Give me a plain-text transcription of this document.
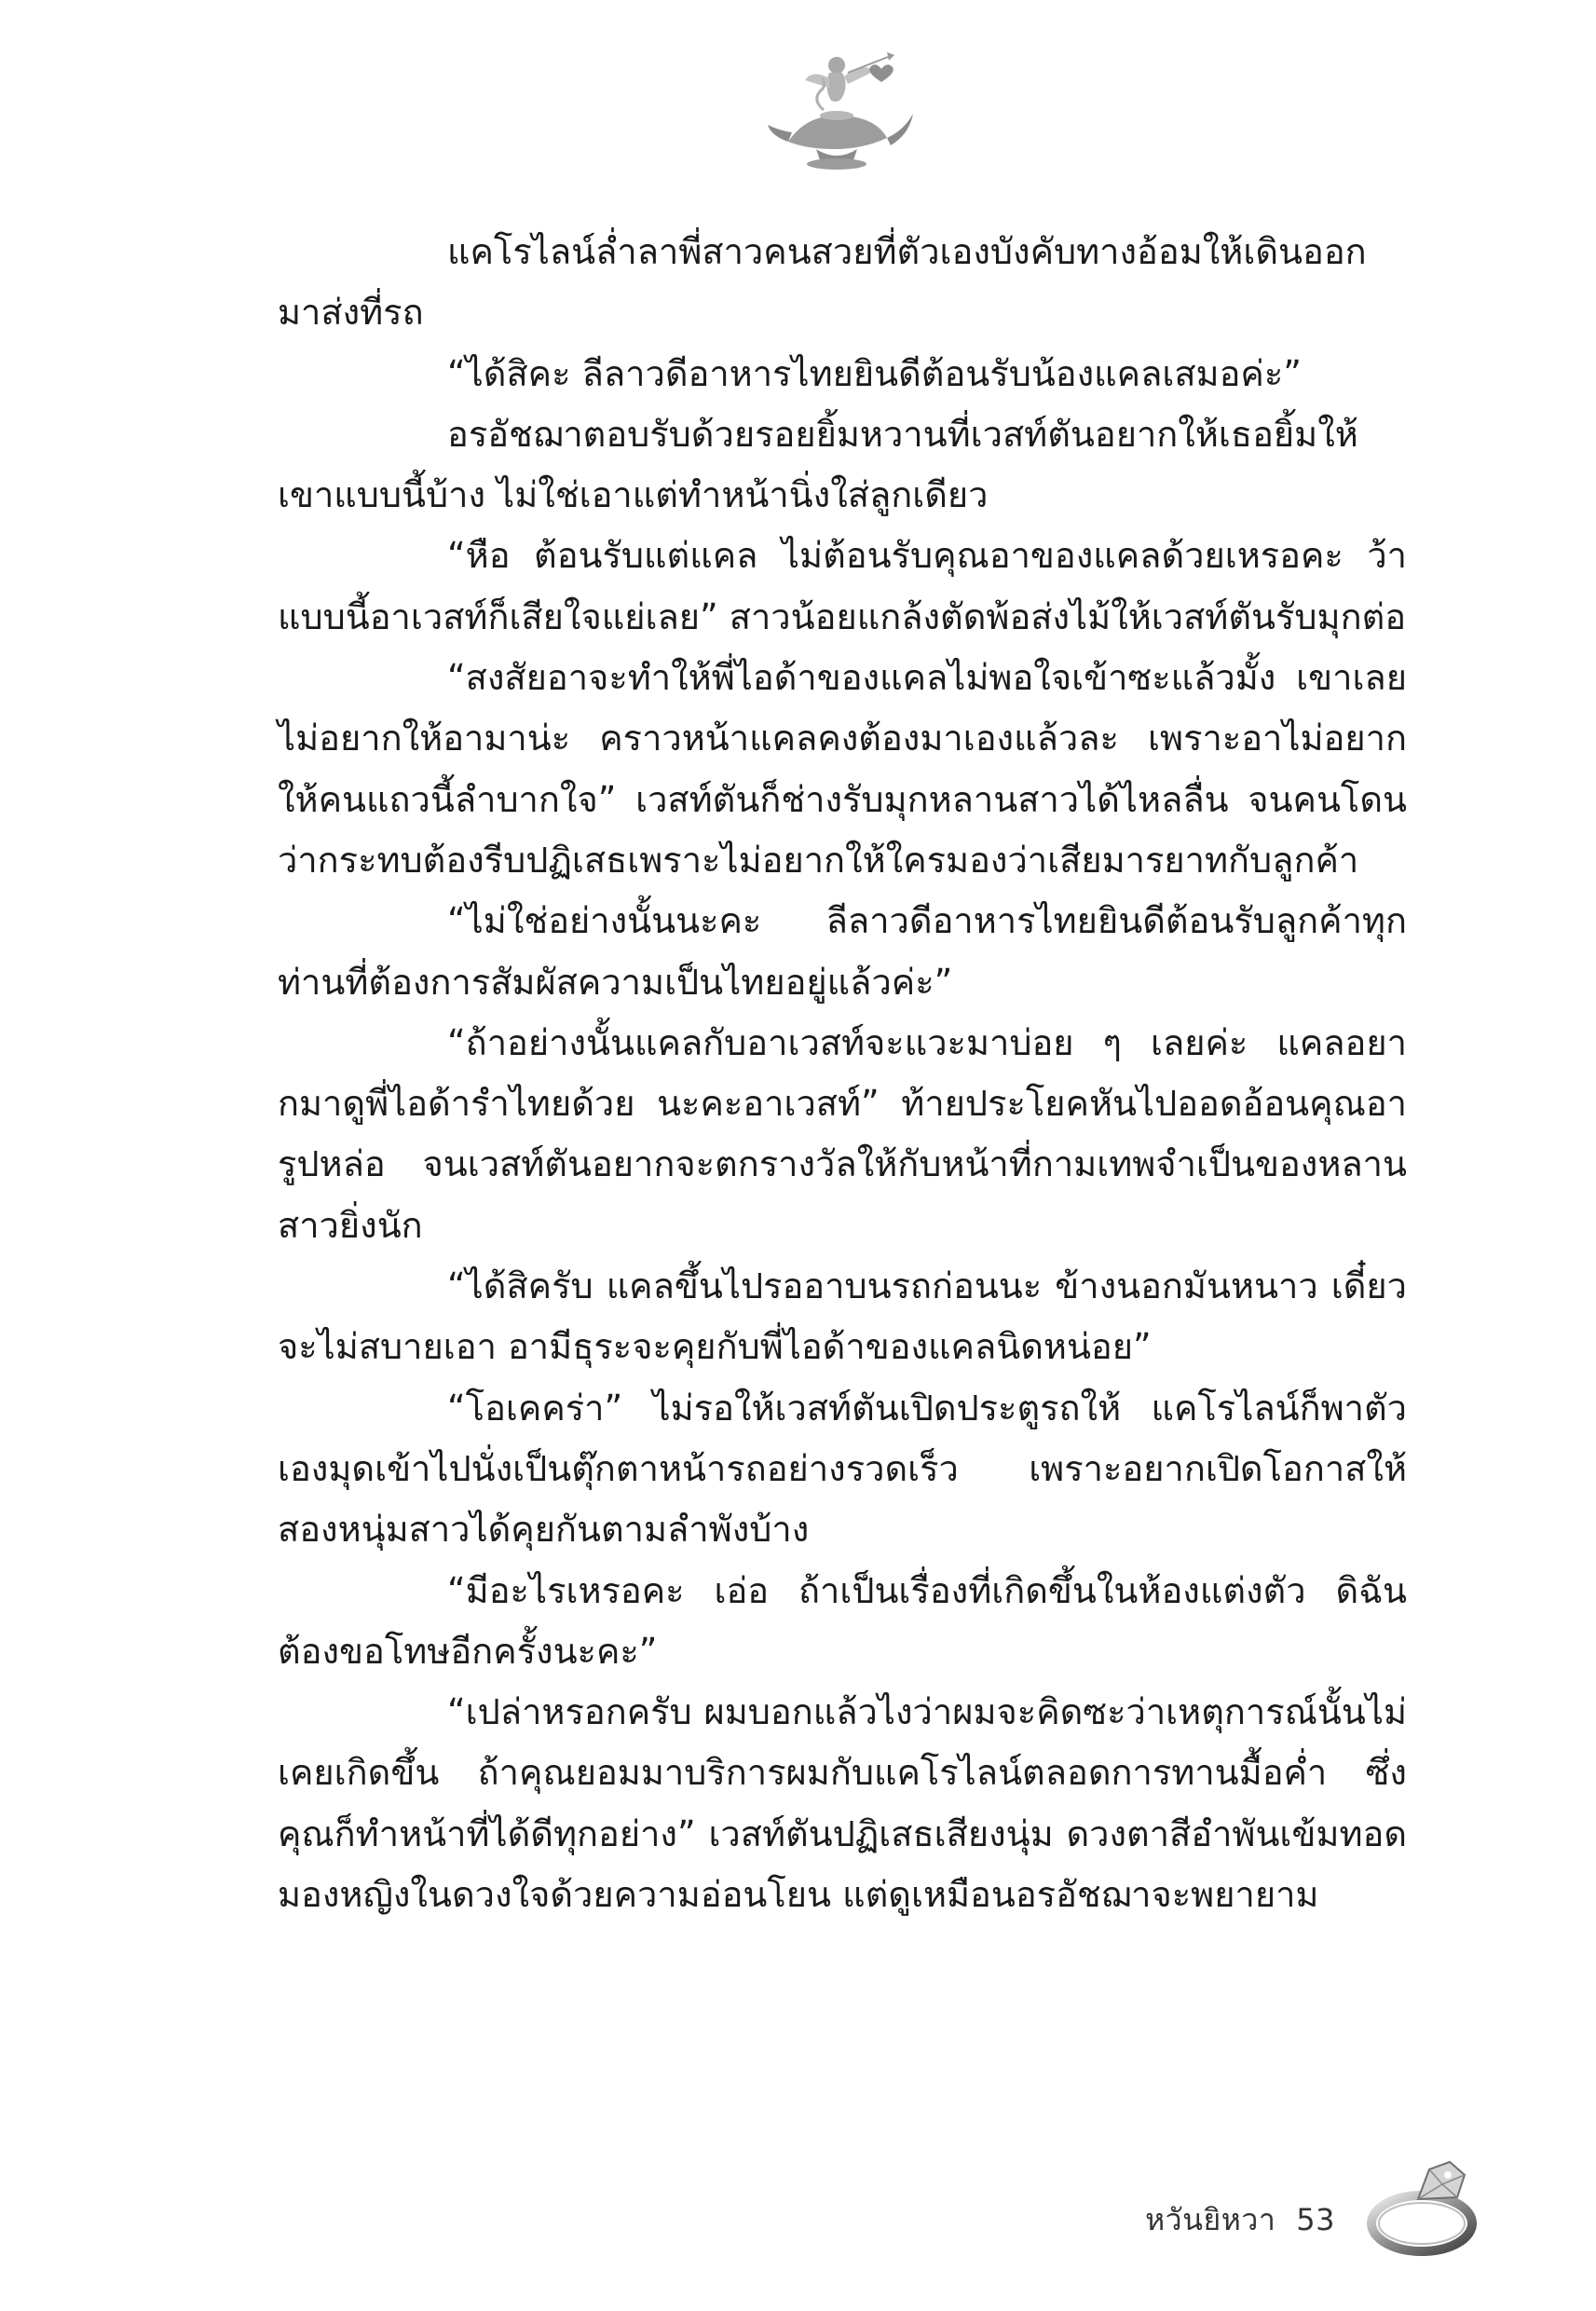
แคโรไลน์ล่ำลาพี่สาวคนสวยที่ตัวเองบังคับทางอ้อมให้เดินออกมาส่งที่รถ

“ได้สิคะ ลีลาวดีอาหารไทยยินดีต้อนรับน้องแคลเสมอค่ะ”

อรอัชฌาตอบรับด้วยรอยยิ้มหวานที่เวสท์ตันอยากให้เธอยิ้มให้เขาแบบนี้บ้าง ไม่ใช่เอาแต่ทำหน้านิ่งใส่ลูกเดียว

“หือ ต้อนรับแต่แคล ไม่ต้อนรับคุณอาของแคลด้วยเหรอคะ ว้าแบบนี้อาเวสท์ก็เสียใจแย่เลย” สาวน้อยแกล้งตัดพ้อส่งไม้ให้เวสท์ตันรับมุกต่อ

“สงสัยอาจะทำให้พี่ไอด้าของแคลไม่พอใจเข้าซะแล้วมั้ง เขาเลยไม่อยากให้อามาน่ะ คราวหน้าแคลคงต้องมาเองแล้วละ เพราะอาไม่อยากให้คนแถวนี้ลำบากใจ” เวสท์ตันก็ช่างรับมุกหลานสาวได้ไหลลื่น จนคนโดนว่ากระทบต้องรีบปฏิเสธเพราะไม่อยากให้ใครมองว่าเสียมารยาทกับลูกค้า

“ไม่ใช่อย่างนั้นนะคะ ลีลาวดีอาหารไทยยินดีต้อนรับลูกค้าทุกท่านที่ต้องการสัมผัสความเป็นไทยอยู่แล้วค่ะ”

“ถ้าอย่างนั้นแคลกับอาเวสท์จะแวะมาบ่อย ๆ เลยค่ะ แคลอยากมาดูพี่ไอด้ารำไทยด้วย นะคะอาเวสท์” ท้ายประโยคหันไปออดอ้อนคุณอารูปหล่อ จนเวสท์ตันอยากจะตกรางวัลให้กับหน้าที่กามเทพจำเป็นของหลานสาวยิ่งนัก

“ได้สิครับ แคลขึ้นไปรออาบนรถก่อนนะ ข้างนอกมันหนาว เดี๋ยวจะไม่สบายเอา อามีธุระจะคุยกับพี่ไอด้าของแคลนิดหน่อย”

“โอเคคร่า” ไม่รอให้เวสท์ตันเปิดประตูรถให้ แคโรไลน์ก็พาตัวเองมุดเข้าไปนั่งเป็นตุ๊กตาหน้ารถอย่างรวดเร็ว เพราะอยากเปิดโอกาสให้สองหนุ่มสาวได้คุยกันตามลำพังบ้าง

“มีอะไรเหรอคะ เอ่อ ถ้าเป็นเรื่องที่เกิดขึ้นในห้องแต่งตัว ดิฉันต้องขอโทษอีกครั้งนะคะ”

“เปล่าหรอกครับ ผมบอกแล้วไงว่าผมจะคิดซะว่าเหตุการณ์นั้นไม่เคยเกิดขึ้น ถ้าคุณยอมมาบริการผมกับแคโรไลน์ตลอดการทานมื้อค่ำ ซึ่งคุณก็ทำหน้าที่ได้ดีทุกอย่าง” เวสท์ตันปฏิเสธเสียงนุ่ม ดวงตาสีอำพันเข้มทอดมองหญิงในดวงใจด้วยความอ่อนโยน แต่ดูเหมือนอรอัชฌาจะพยายาม

หวันยิหวา 53
